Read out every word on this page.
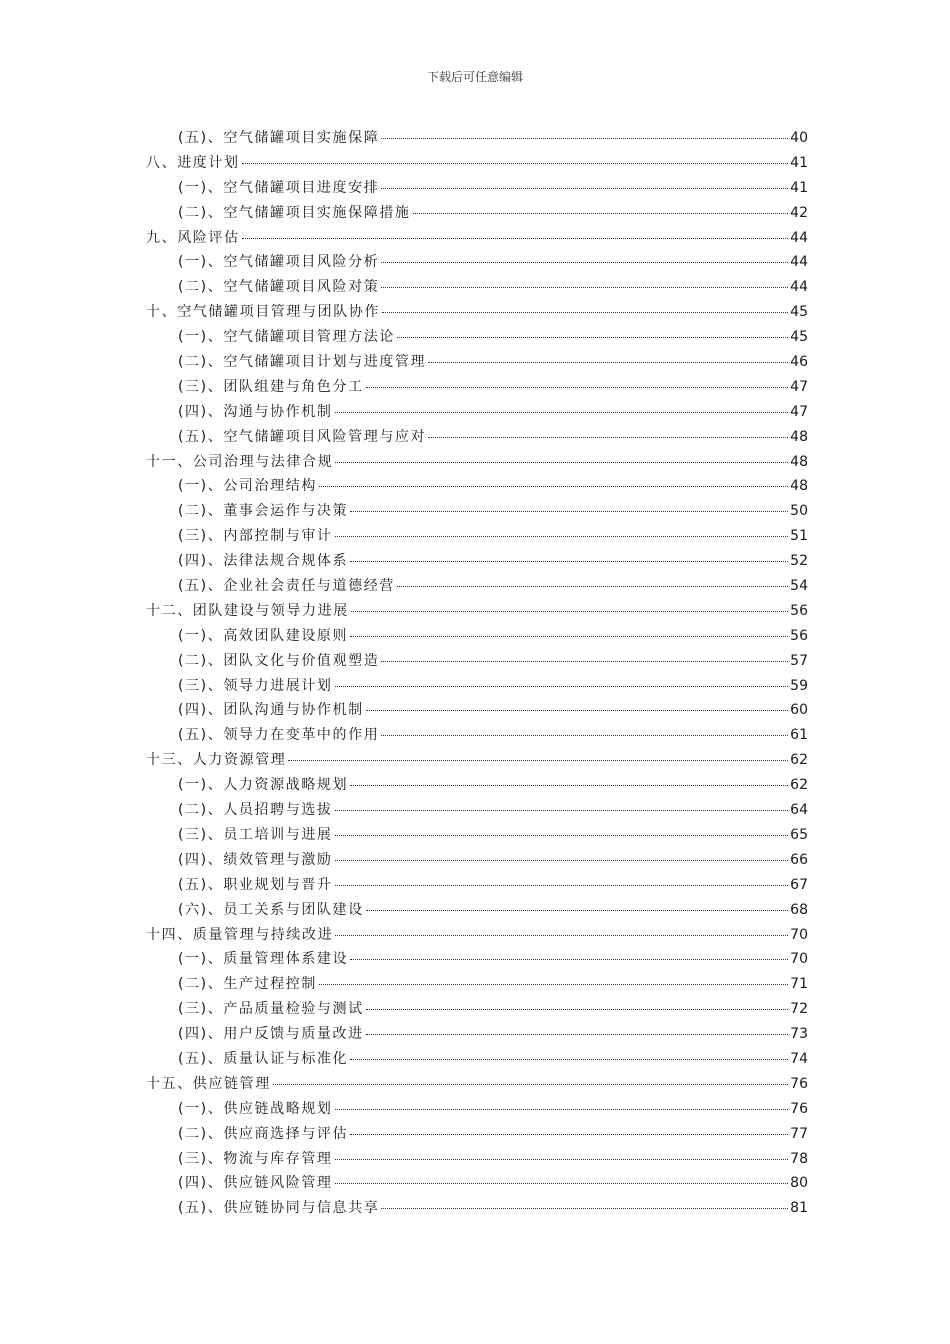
下载后可任意编辑
(五)、空气储罐项目实施保障	40
八、进度计划	41
(一)、空气储罐项目进度安排	41
(二)、空气储罐项目实施保障措施	42
九、风险评估	44
(一)、空气储罐项目风险分析	44
(二)、空气储罐项目风险对策	44
十、空气储罐项目管理与团队协作	45
(一)、空气储罐项目管理方法论	45
(二)、空气储罐项目计划与进度管理	46
(三)、团队组建与角色分工	47
(四)、沟通与协作机制	47
(五)、空气储罐项目风险管理与应对	48
十一、公司治理与法律合规	48
(一)、公司治理结构	48
(二)、董事会运作与决策	50
(三)、内部控制与审计	51
(四)、法律法规合规体系	52
(五)、企业社会责任与道德经营	54
十二、团队建设与领导力进展	56
(一)、高效团队建设原则	56
(二)、团队文化与价值观塑造	57
(三)、领导力进展计划	59
(四)、团队沟通与协作机制	60
(五)、领导力在变革中的作用	61
十三、人力资源管理	62
(一)、人力资源战略规划	62
(二)、人员招聘与选拔	64
(三)、员工培训与进展	65
(四)、绩效管理与激励	66
(五)、职业规划与晋升	67
(六)、员工关系与团队建设	68
十四、质量管理与持续改进	70
(一)、质量管理体系建设	70
(二)、生产过程控制	71
(三)、产品质量检验与测试	72
(四)、用户反馈与质量改进	73
(五)、质量认证与标准化	74
十五、供应链管理	76
(一)、供应链战略规划	76
(二)、供应商选择与评估	77
(三)、物流与库存管理	78
(四)、供应链风险管理	80
(五)、供应链协同与信息共享	81
